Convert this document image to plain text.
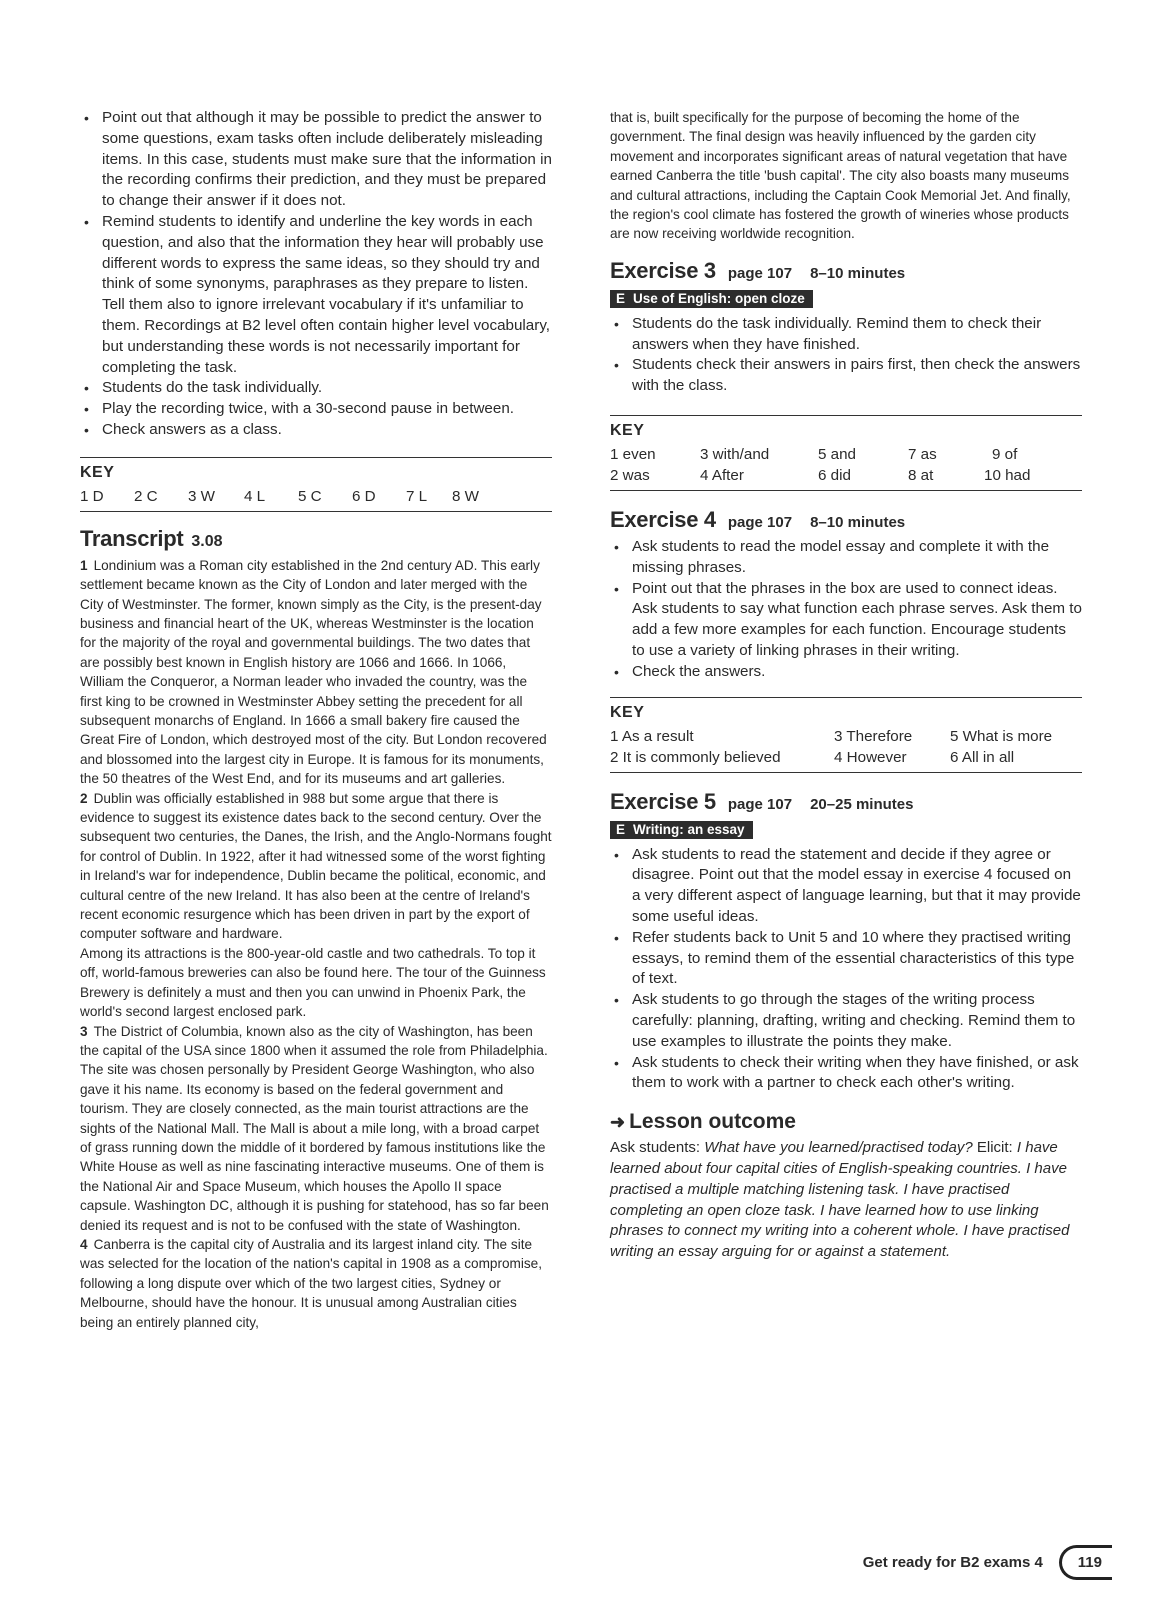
• Point out that although it may be possible to predict the answer to some questions, exam tasks often include deliberately misleading items. In this case, students must make sure that the information in the recording confirms their prediction, and they must be prepared to change their answer if it does not.
• Remind students to identify and underline the key words in each question, and also that the information they hear will probably use different words to express the same ideas, so they should try and think of some synonyms, paraphrases as they prepare to listen. Tell them also to ignore irrelevant vocabulary if it's unfamiliar to them. Recordings at B2 level often contain higher level vocabulary, but understanding these words is not necessarily important for completing the task.
• Students do the task individually.
• Play the recording twice, with a 30-second pause in between.
• Check answers as a class.
KEY
1 D	2 C	3 W	4 L	5 C	6 D	7 L	8 W
Transcript 3.08

1 Londinium was a Roman city established in the 2nd century AD. This early settlement became known as the City of London and later merged with the City of Westminster. The former, known simply as the City, is the present-day business and financial heart of the UK, whereas Westminster is the location for the majority of the royal and governmental buildings. The two dates that are possibly best known in English history are 1066 and 1666. In 1066, William the Conqueror, a Norman leader who invaded the country, was the first king to be crowned in Westminster Abbey setting the precedent for all subsequent monarchs of England. In 1666 a small bakery fire caused the Great Fire of London, which destroyed most of the city. But London recovered and blossomed into the largest city in Europe. It is famous for its monuments, the 50 theatres of the West End, and for its museums and art galleries.

2 Dublin was officially established in 988 but some argue that there is evidence to suggest its existence dates back to the second century. Over the subsequent two centuries, the Danes, the Irish, and the Anglo-Normans fought for control of Dublin. In 1922, after it had witnessed some of the worst fighting in Ireland's war for independence, Dublin became the political, economic, and cultural centre of the new Ireland. It has also been at the centre of Ireland's recent economic resurgence which has been driven in part by the export of computer software and hardware.

Among its attractions is the 800-year-old castle and two cathedrals. To top it off, world-famous breweries can also be found here. The tour of the Guinness Brewery is definitely a must and then you can unwind in Phoenix Park, the world's second largest enclosed park.

3 The District of Columbia, known also as the city of Washington, has been the capital of the USA since 1800 when it assumed the role from Philadelphia. The site was chosen personally by President George Washington, who also gave it his name. Its economy is based on the federal government and tourism. They are closely connected, as the main tourist attractions are the sights of the National Mall. The Mall is about a mile long, with a broad carpet of grass running down the middle of it bordered by famous institutions like the White House as well as nine fascinating interactive museums. One of them is the National Air and Space Museum, which houses the Apollo II space capsule. Washington DC, although it is pushing for statehood, has so far been denied its request and is not to be confused with the state of Washington.

4 Canberra is the capital city of Australia and its largest inland city. The site was selected for the location of the nation's capital in 1908 as a compromise, following a long dispute over which of the two largest cities, Sydney or Melbourne, should have the honour. It is unusual among Australian cities being an entirely planned city,

that is, built specifically for the purpose of becoming the home of the government. The final design was heavily influenced by the garden city movement and incorporates significant areas of natural vegetation that have earned Canberra the title 'bush capital'. The city also boasts many museums and cultural attractions, including the Captain Cook Memorial Jet. And finally, the region's cool climate has fostered the growth of wineries whose products are now receiving worldwide recognition.

Exercise 3 page 107 8–10 minutes
E Use of English: open cloze
• Students do the task individually. Remind them to check their answers when they have finished.
• Students check their answers in pairs first, then check the answers with the class.
KEY
1 even	3 with/and	5 and	7 as	9 of
2 was	4 After	6 did	8 at	10 had
Exercise 4 page 107 8–10 minutes
• Ask students to read the model essay and complete it with the missing phrases.
• Point out that the phrases in the box are used to connect ideas. Ask students to say what function each phrase serves. Ask them to add a few more examples for each function. Encourage students to use a variety of linking phrases in their writing.
• Check the answers.
KEY
1 As a result	3 Therefore	5 What is more
2 It is commonly believed	4 However	6 All in all
Exercise 5 page 107 20–25 minutes
E Writing: an essay
• Ask students to read the statement and decide if they agree or disagree. Point out that the model essay in exercise 4 focused on a very different aspect of language learning, but that it may provide some useful ideas.
• Refer students back to Unit 5 and 10 where they practised writing essays, to remind them of the essential characteristics of this type of text.
• Ask students to go through the stages of the writing process carefully: planning, drafting, writing and checking. Remind them to use examples to illustrate the points they make.
• Ask students to check their writing when they have finished, or ask them to work with a partner to check each other's writing.
➜ Lesson outcome

Ask students: What have you learned/practised today? Elicit: I have learned about four capital cities of English-speaking countries. I have practised a multiple matching listening task. I have practised completing an open cloze task. I have learned how to use linking phrases to connect my writing into a coherent whole. I have practised writing an essay arguing for or against a statement.

Get ready for B2 exams 4	119
